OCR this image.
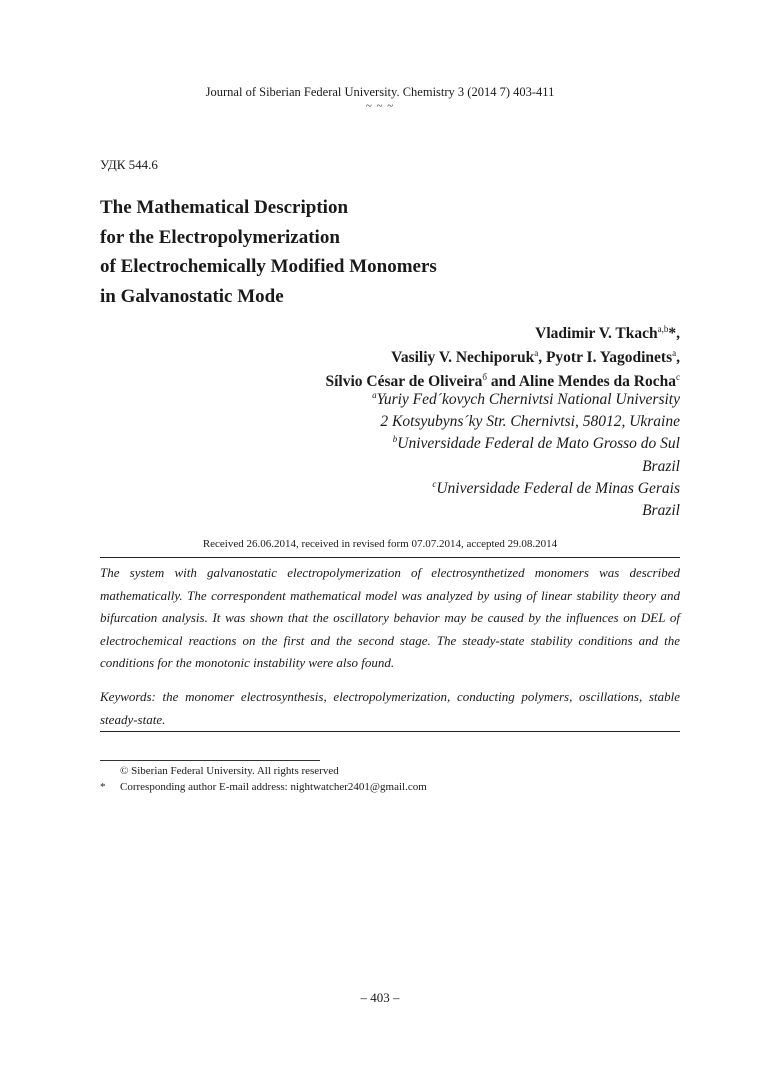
Journal of Siberian Federal University. Chemistry 3 (2014 7) 403-411
~ ~ ~
УДК 544.6
The Mathematical Description
for the Electropolymerization
of Electrochemically Modified Monomers
in Galvanostatic Mode
Vladimir V. Tkach$^{a,b}$*,
Vasiliy V. Nechiporuk$^a$, Pyotr I. Yagodinets$^a$,
Sílvio César de Oliveira$^б$ and Aline Mendes da Rocha$^c$
$^a$Yuriy Fed´kovych Chernivtsi National University
2 Kotsyubyns´ky Str. Chernivtsi, 58012, Ukraine
$^b$Universidade Federal de Mato Grosso do Sul
Brazil
$^c$Universidade Federal de Minas Gerais
Brazil
Received 26.06.2014, received in revised form 07.07.2014, accepted 29.08.2014

The system with galvanostatic electropolymerization of electrosynthetized monomers was described mathematically. The correspondent mathematical model was analyzed by using of linear stability theory and bifurcation analysis. It was shown that the oscillatory behavior may be caused by the influences on DEL of electrochemical reactions on the first and the second stage. The steady-state stability conditions and the conditions for the monotonic instability were also found.

Keywords: the monomer electrosynthesis, electropolymerization, conducting polymers, oscillations, stable steady-state.

© Siberian Federal University. All rights reserved
* Corresponding author E-mail address: nightwatcher2401@gmail.com
– 403 –
